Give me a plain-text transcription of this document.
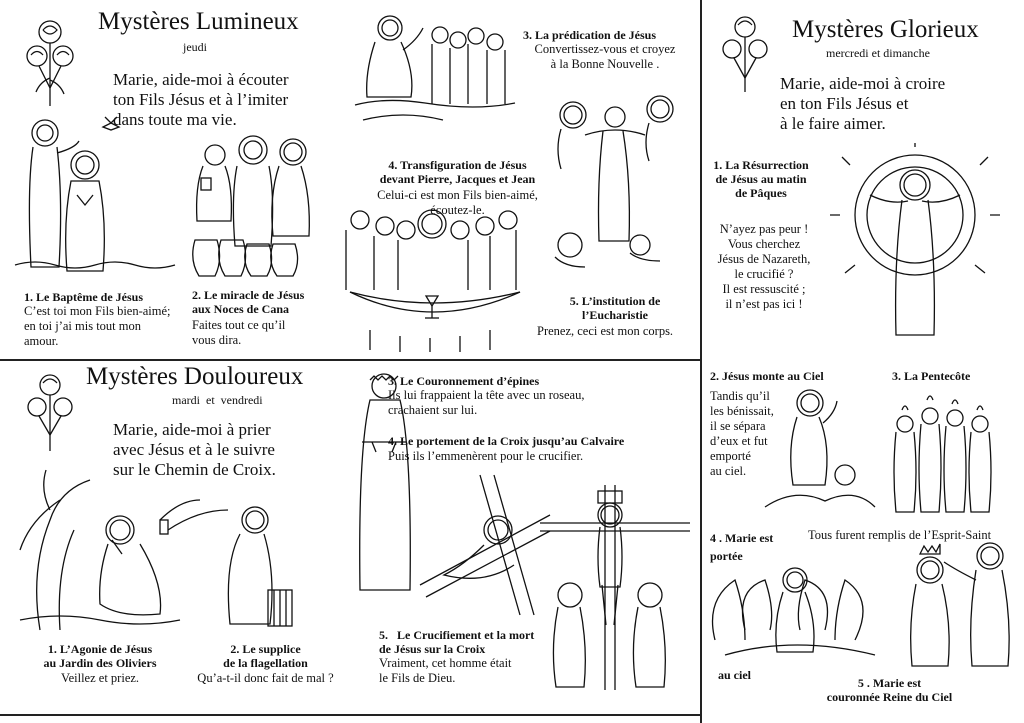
Mystères Lumineux
jeudi
Marie, aide-moi à écouter
ton Fils Jésus et à l’imiter
dans toute ma vie.
1. Le Baptême de Jésus
C’est toi mon Fils bien-aimé;
en toi j’ai mis tout mon
amour.
2. Le miracle de Jésus
aux Noces de Cana
Faites tout ce qu’il
vous dira.
3. La prédication de Jésus
Convertissez-vous et croyez
à la Bonne Nouvelle .
4. Transfiguration de Jésus
devant Pierre, Jacques et Jean
Celui-ci est mon Fils bien-aimé,
écoutez-le.
5. L’institution de
l’Eucharistie
Prenez, ceci est mon corps.
Mystères Glorieux
mercredi et dimanche
Marie, aide-moi à croire
en ton Fils Jésus et
à le faire aimer.
1. La Résurrection
de Jésus au matin
de Pâques
N’ayez pas peur !
Vous cherchez
Jésus de Nazareth,
le crucifié ?
Il est ressuscité ;
il n’est pas ici !
2. Jésus monte au Ciel
Tandis qu’il
les bénissait,
il se sépara
d’eux et fut
emporté
au ciel.
3. La Pentecôte
Tous furent remplis de l’Esprit-Saint
4 . Marie est
portée
au ciel
5 . Marie est
couronnée Reine du Ciel
Mystères Douloureux
mardi  et  vendredi
Marie, aide-moi à prier
avec Jésus et à le suivre
sur le Chemin de Croix.
1. L’Agonie de Jésus
au Jardin des Oliviers
Veillez et priez.
2. Le supplice
de la flagellation
Qu’a-t-il donc fait de mal ?
3. Le Couronnement d’épines
Ils lui frappaient la tête avec un roseau,
crachaient sur lui.
4. Le portement de la Croix jusqu’au Calvaire
Puis ils l’emmenèrent pour le crucifier.
5.   Le Crucifiement et la mort
de Jésus sur la Croix
Vraiment, cet homme était
le Fils de Dieu.
